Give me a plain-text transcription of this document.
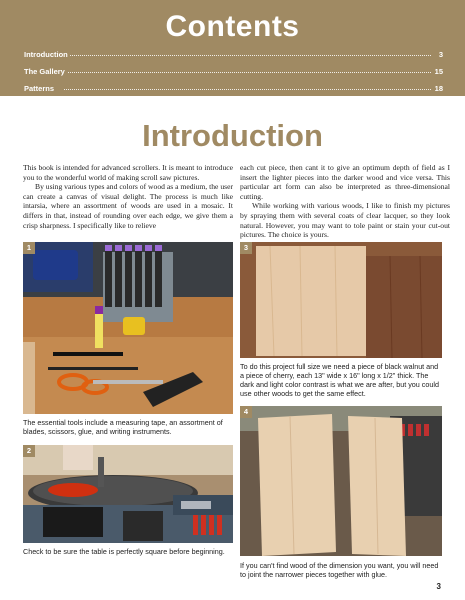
Contents
Introduction	3
The Gallery	15
Patterns	18
Introduction

This book is intended for advanced scrollers. It is meant to introduce you to the wonderful world of making scroll saw pictures.

By using various types and colors of wood as a medium, the user can create a canvas of visual delight. The process is much like intarsia, where an assortment of woods are used in a mosaic. It differs in that, instead of rounding over each edge, we give them a crisp sharpness. I specifically like to relieve

each cut piece, then cant it to give an optimum depth of field as I insert the lighter pieces into the darker wood and vice versa. This particular art form can also be interpreted as three-dimensional cutting.

While working with various woods, I like to finish my pictures by spraying them with several coats of clear lacquer, so they look natural. However, you may want to tole paint or stain your cut-out pictures. The choice is yours.

1
The essential tools include a measuring tape, an assortment of blades, scissors, glue, and writing instruments.
2
Check to be sure the table is perfectly square before beginning.
3
To do this project full size we need a piece of black walnut and a piece of cherry, each 13" wide x 16" long x 1/2" thick. The dark and light color contrast is what we are after, but you could use other woods to get the same effect.
4
If you can't find wood of the dimension you want, you will need to joint the narrower pieces together with glue.
3
